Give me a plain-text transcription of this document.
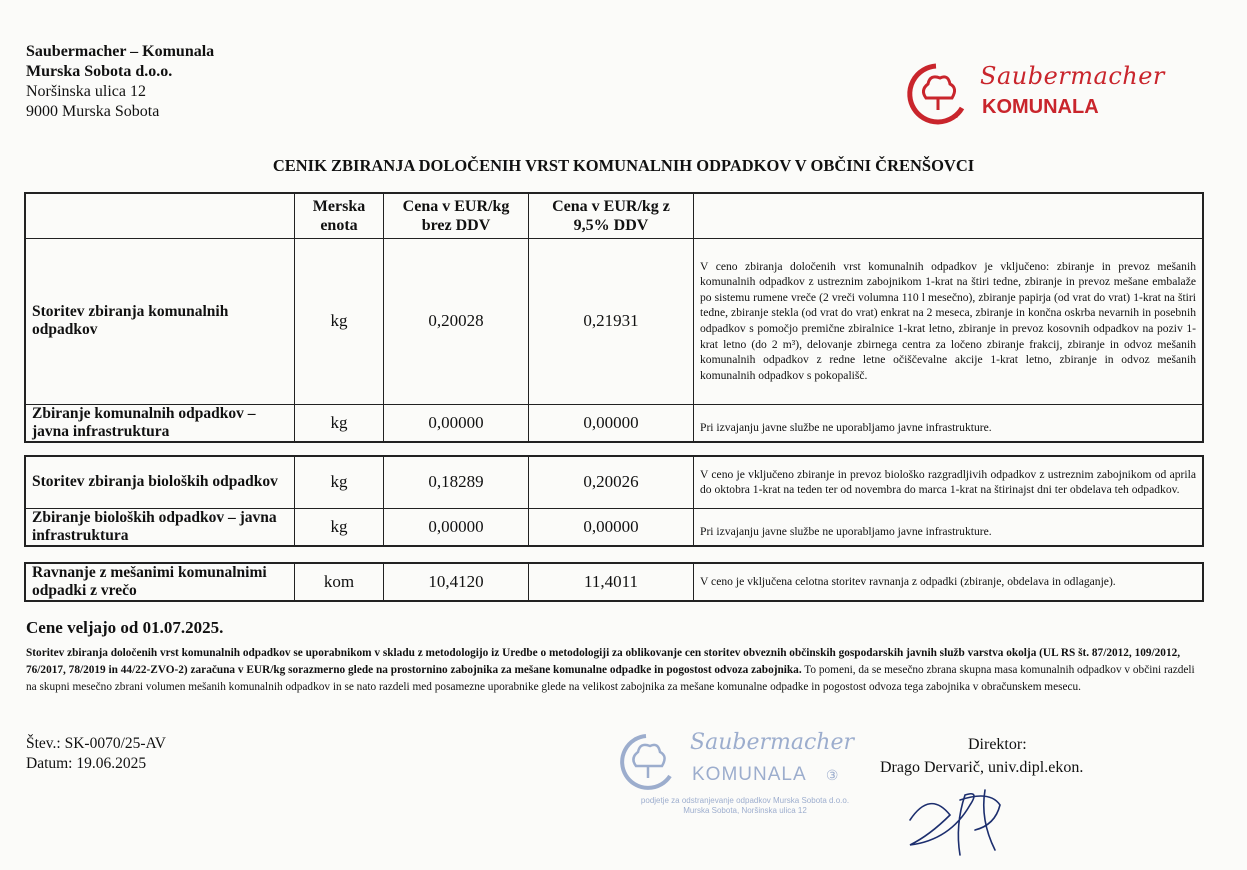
Saubermacher – Komunala
Murska Sobota d.o.o.
Noršinska ulica 12
9000 Murska Sobota
Saubermacher
KOMUNALA
CENIK ZBIRANJA DOLOČENIH VRST KOMUNALNIH ODPADKOV V OBČINI ČRENŠOVCI
	Merska enota	Cena v EUR/kg brez DDV	Cena v EUR/kg z 9,5% DDV	
Storitev zbiranja komunalnih odpadkov	kg	0,20028	0,21931	V ceno zbiranja določenih vrst komunalnih odpadkov je vključeno: zbiranje in prevoz mešanih komunalnih odpadkov z ustreznim zabojnikom 1-krat na štiri tedne, zbiranje in prevoz mešane embalaže po sistemu rumene vreče (2 vreči volumna 110 l mesečno), zbiranje papirja (od vrat do vrat) 1-krat na štiri tedne, zbiranje stekla (od vrat do vrat) enkrat na 2 meseca, zbiranje in končna oskrba nevarnih in posebnih odpadkov s pomočjo premične zbiralnice 1-krat letno, zbiranje in prevoz kosovnih odpadkov na poziv 1-krat letno (do 2 m³), delovanje zbirnega centra za ločeno zbiranje frakcij, zbiranje in odvoz mešanih komunalnih odpadkov z redne letne očiščevalne akcije 1-krat letno, zbiranje in odvoz mešanih komunalnih odpadkov s pokopališč.
Zbiranje komunalnih odpadkov – javna infrastruktura	kg	0,00000	0,00000	Pri izvajanju javne službe ne uporabljamo javne infrastrukture.
Storitev zbiranja bioloških odpadkov	kg	0,18289	0,20026	V ceno je vključeno zbiranje in prevoz biološko razgradljivih odpadkov z ustreznim zabojnikom od aprila do oktobra 1-krat na teden ter od novembra do marca 1-krat na štirinajst dni ter obdelava teh odpadkov.
Zbiranje bioloških odpadkov – javna infrastruktura	kg	0,00000	0,00000	Pri izvajanju javne službe ne uporabljamo javne infrastrukture.
Ravnanje z mešanimi komunalnimi odpadki z vrečo	kom	10,4120	11,4011	V ceno je vključena celotna storitev ravnanja z odpadki (zbiranje, obdelava in odlaganje).
Cene veljajo od 01.07.2025.
Storitev zbiranja določenih vrst komunalnih odpadkov se uporabnikom v skladu z metodologijo iz Uredbe o metodologiji za oblikovanje cen storitev obveznih občinskih gospodarskih javnih služb varstva okolja (UL RS št. 87/2012, 109/2012, 76/2017, 78/2019 in 44/22-ZVO-2) zaračuna v EUR/kg sorazmerno glede na prostornino zabojnika za mešane komunalne odpadke in pogostost odvoza zabojnika. To pomeni, da se mesečno zbrana skupna masa komunalnih odpadkov v občini razdeli na skupni mesečno zbrani volumen mešanih komunalnih odpadkov in se nato razdeli med posamezne uporabnike glede na velikost zabojnika za mešane komunalne odpadke in pogostost odvoza tega zabojnika v obračunskem mesecu.
Štev.: SK-0070/25-AV
Datum: 19.06.2025
Saubermacher
KOMUNALA ③
podjetje za odstranjevanje odpadkov Murska Sobota d.o.o.
Murska Sobota, Noršinska ulica 12
Direktor:
Drago Dervarič, univ.dipl.ekon.
